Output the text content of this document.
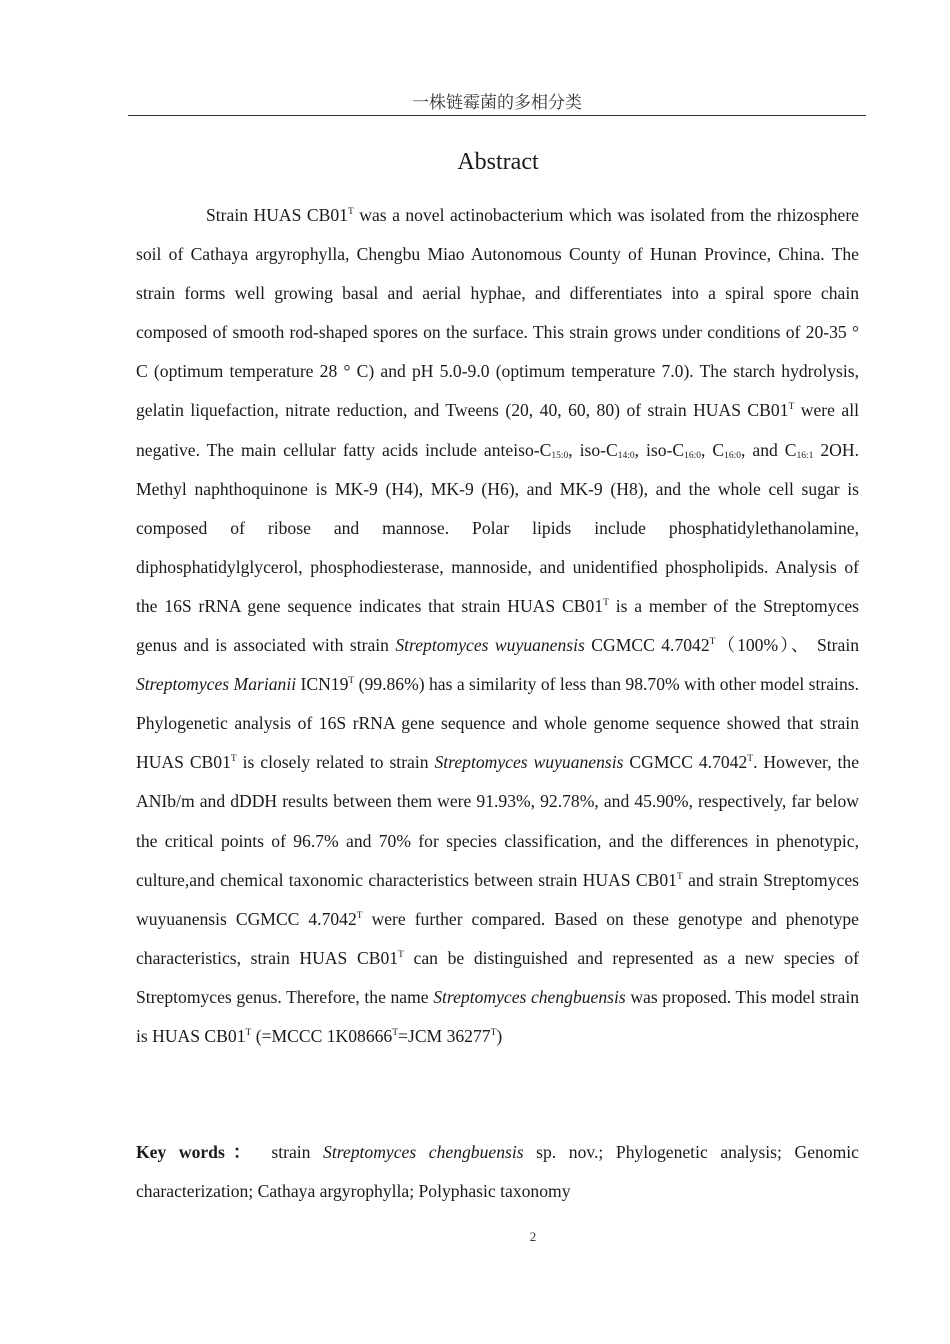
一株链霉菌的多相分类
Abstract

Strain HUAS $CB01^T$ was a novel actinobacterium which was isolated from the rhizosphere soil of Cathaya argyrophylla, Chengbu Miao Autonomous County of Hunan Province, China. The strain forms well growing basal and aerial hyphae, and differentiates into a spiral spore chain composed of smooth rod-shaped spores on the surface. This strain grows under conditions of 20-35 ° C (optimum temperature 28 ° C) and pH 5.0-9.0 (optimum temperature 7.0). The starch hydrolysis, gelatin liquefaction, nitrate reduction, and Tweens (20, 40, 60, 80) of strain HUAS $CB01^T$ were all negative. The main cellular fatty acids include anteiso-$C_{15:0}$, iso-$C_{14:0}$, iso-$C_{16:0}$, $C_{16:0}$, and $C_{16:1}$ 2OH. Methyl naphthoquinone is MK-9 (H4), MK-9 (H6), and MK-9 (H8), and the whole cell sugar is composed of ribose and mannose. Polar lipids include phosphatidylethanolamine, diphosphatidylglycerol, phosphodiesterase, mannoside, and unidentified phospholipids. Analysis of the 16S rRNA gene sequence indicates that strain HUAS $CB01^T$ is a member of the Streptomyces genus and is associated with strain Streptomyces wuyuanensis CGMCC $4.7042^T(100\%)$、 Strain Streptomyces Marianii $ICN19^T$ (99.86%) has a similarity of less than 98.70% with other model strains. Phylogenetic analysis of 16S rRNA gene sequence and whole genome sequence showed that strain HUAS $CB01^T$ is closely related to strain Streptomyces wuyuanensis CGMCC $4.7042^T$. However, the ANIb/m and dDDH results between them were 91.93%, 92.78%, and 45.90%, respectively, far below the critical points of 96.7% and 70% for species classification, and the differences in phenotypic, culture,and chemical taxonomic characteristics between strain HUAS $CB01^T$ and strain Streptomyces wuyuanensis CGMCC $4.7042^T$ were further compared. Based on these genotype and phenotype characteristics, strain HUAS $CB01^T$ can be distinguished and represented as a new species of Streptomyces genus. Therefore, the name Streptomyces chengbuensis was proposed. This model strain is HUAS $CB01^T$ (=MCCC $1K08666^T=JCM$ $36277^T$)

Key words： strain Streptomyces chengbuensis sp. nov.; Phylogenetic analysis; Genomic characterization; Cathaya argyrophylla; Polyphasic taxonomy
2
